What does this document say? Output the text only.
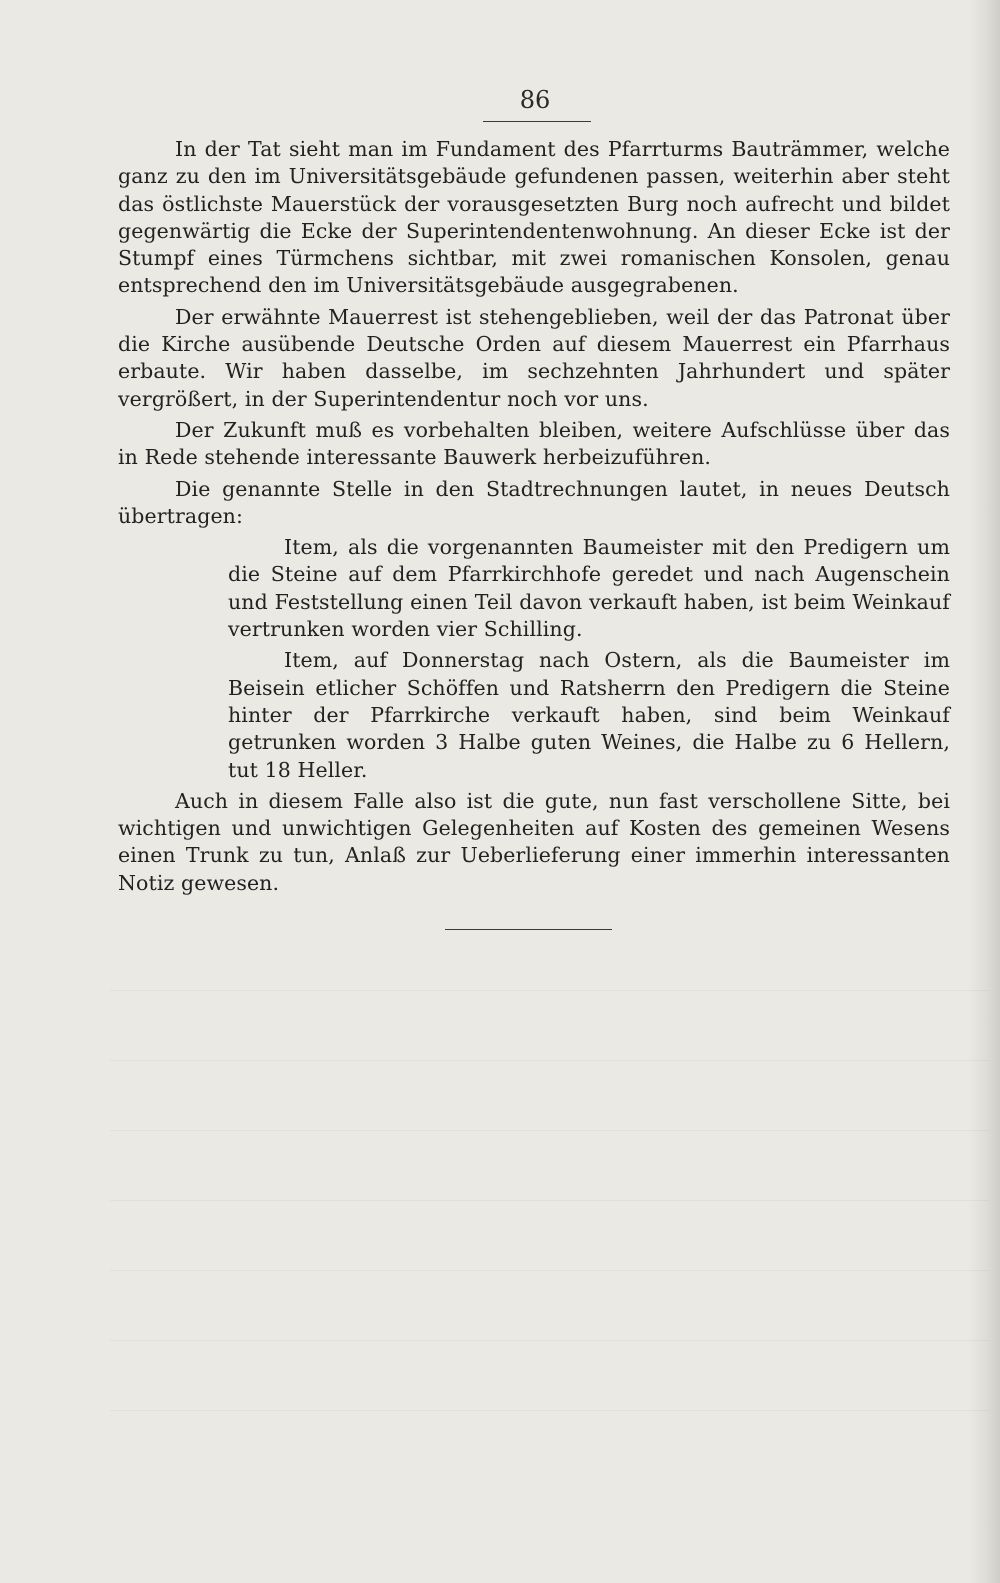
86

In der Tat sieht man im Fundament des Pfarrturms Bauträmmer, welche ganz zu den im Universitätsgebäude gefundenen passen, weiterhin aber steht das östlichste Mauerstück der vorausgesetzten Burg noch aufrecht und bildet gegenwärtig die Ecke der Superintendentenwohnung. An dieser Ecke ist der Stumpf eines Türmchens sichtbar, mit zwei romanischen Konsolen, genau entsprechend den im Universitätsgebäude ausgegrabenen.

Der erwähnte Mauerrest ist stehengeblieben, weil der das Patronat über die Kirche ausübende Deutsche Orden auf diesem Mauerrest ein Pfarrhaus erbaute. Wir haben dasselbe, im sechzehnten Jahrhundert und später vergrößert, in der Superintendentur noch vor uns.

Der Zukunft muß es vorbehalten bleiben, weitere Aufschlüsse über das in Rede stehende interessante Bauwerk herbeizuführen.

Die genannte Stelle in den Stadtrechnungen lautet, in neues Deutsch übertragen:

Item, als die vorgenannten Baumeister mit den Predigern um die Steine auf dem Pfarrkirchhofe geredet und nach Augenschein und Feststellung einen Teil davon verkauft haben, ist beim Weinkauf vertrunken worden vier Schilling.

Item, auf Donnerstag nach Ostern, als die Baumeister im Beisein etlicher Schöffen und Ratsherrn den Predigern die Steine hinter der Pfarrkirche verkauft haben, sind beim Weinkauf getrunken worden 3 Halbe guten Weines, die Halbe zu 6 Hellern, tut 18 Heller.

Auch in diesem Falle also ist die gute, nun fast verschollene Sitte, bei wichtigen und unwichtigen Gelegenheiten auf Kosten des gemeinen Wesens einen Trunk zu tun, Anlaß zur Ueberlieferung einer immerhin interessanten Notiz gewesen.
